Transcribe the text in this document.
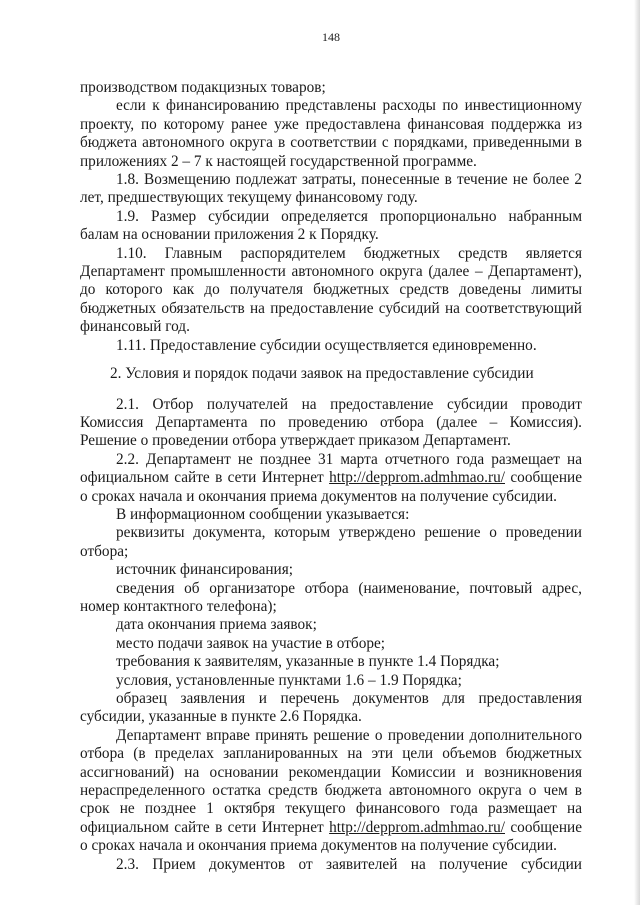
148

производством подакцизных товаров;

если к финансированию представлены расходы по инвестиционному проекту, по которому ранее уже предоставлена финансовая поддержка из бюджета автономного округа в соответствии с порядками, приведенными в приложениях 2 – 7 к настоящей государственной программе.

1.8. Возмещению подлежат затраты, понесенные в течение не более 2 лет, предшествующих текущему финансовому году.

1.9. Размер субсидии определяется пропорционально набранным балам на основании приложения 2 к Порядку.

1.10. Главным распорядителем бюджетных средств является Департамент промышленности автономного округа (далее – Департамент), до которого как до получателя бюджетных средств доведены лимиты бюджетных обязательств на предоставление субсидий на соответствующий финансовый год.

1.11. Предоставление субсидии осуществляется единовременно.

2. Условия и порядок подачи заявок на предоставление субсидии

2.1. Отбор получателей на предоставление субсидии проводит Комиссия Департамента по проведению отбора (далее – Комиссия). Решение о проведении отбора утверждает приказом Департамент.

2.2. Департамент не позднее 31 марта отчетного года размещает на официальном сайте в сети Интернет http://depprom.admhmao.ru/ сообщение о сроках начала и окончания приема документов на получение субсидии.

В информационном сообщении указывается:

реквизиты документа, которым утверждено решение о проведении отбора;

источник финансирования;

сведения об организаторе отбора (наименование, почтовый адрес, номер контактного телефона);

дата окончания приема заявок;

место подачи заявок на участие в отборе;

требования к заявителям, указанные в пункте 1.4 Порядка;

условия, установленные пунктами 1.6 – 1.9 Порядка;

образец заявления и перечень документов для предоставления субсидии, указанные в пункте 2.6 Порядка.

Департамент вправе принять решение о проведении дополнительного отбора (в пределах запланированных на эти цели объемов бюджетных ассигнований) на основании рекомендации Комиссии и возникновения нераспределенного остатка средств бюджета автономного округа о чем в срок не позднее 1 октября текущего финансового года размещает на официальном сайте в сети Интернет http://depprom.admhmao.ru/ сообщение о сроках начала и окончания приема документов на получение субсидии.

2.3. Прием документов от заявителей на получение субсидии
